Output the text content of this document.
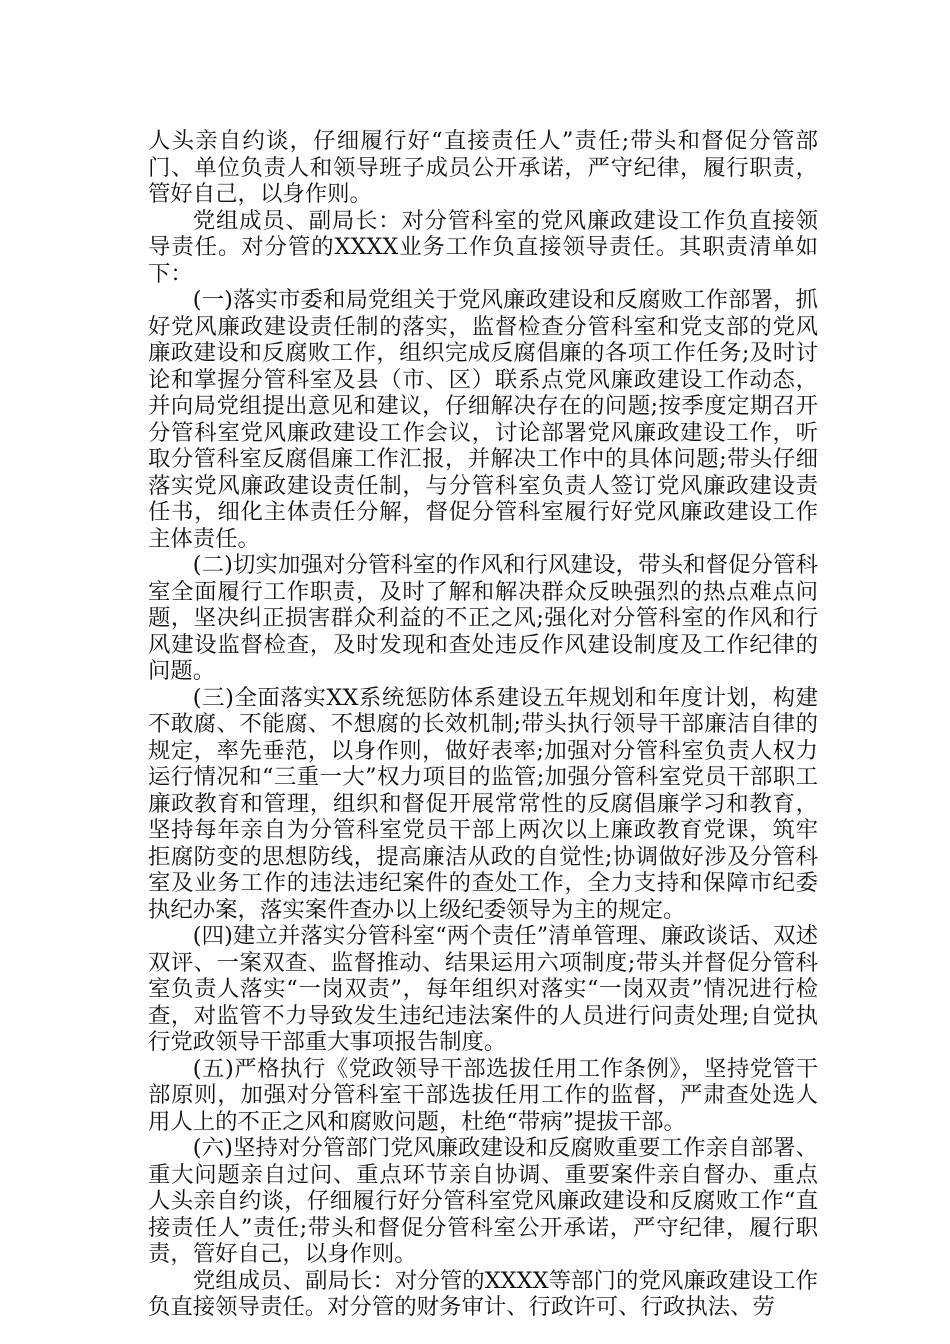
人头亲自约谈，仔细履行好“直接责任人”责任;带头和督促分管部门、单位负责人和领导班子成员公开承诺，严守纪律，履行职责，管好自己，以身作则。

党组成员、副局长：对分管科室的党风廉政建设工作负直接领导责任。对分管的XXXX业务工作负直接领导责任。其职责清单如下：

(一)落实市委和局党组关于党风廉政建设和反腐败工作部署，抓好党风廉政建设责任制的落实，监督检查分管科室和党支部的党风廉政建设和反腐败工作，组织完成反腐倡廉的各项工作任务;及时讨论和掌握分管科室及县（市、区）联系点党风廉政建设工作动态，并向局党组提出意见和建议，仔细解决存在的问题;按季度定期召开分管科室党风廉政建设工作会议，讨论部署党风廉政建设工作，听取分管科室反腐倡廉工作汇报，并解决工作中的具体问题;带头仔细落实党风廉政建设责任制，与分管科室负责人签订党风廉政建设责任书，细化主体责任分解，督促分管科室履行好党风廉政建设工作主体责任。

(二)切实加强对分管科室的作风和行风建设，带头和督促分管科室全面履行工作职责，及时了解和解决群众反映强烈的热点难点问题，坚决纠正损害群众利益的不正之风;强化对分管科室的作风和行风建设监督检查，及时发现和查处违反作风建设制度及工作纪律的问题。

(三)全面落实XX系统惩防体系建设五年规划和年度计划，构建不敢腐、不能腐、不想腐的长效机制;带头执行领导干部廉洁自律的规定，率先垂范，以身作则，做好表率;加强对分管科室负责人权力运行情况和“三重一大”权力项目的监管;加强分管科室党员干部职工廉政教育和管理，组织和督促开展常常性的反腐倡廉学习和教育，坚持每年亲自为分管科室党员干部上两次以上廉政教育党课，筑牢拒腐防变的思想防线，提高廉洁从政的自觉性;协调做好涉及分管科室及业务工作的违法违纪案件的查处工作，全力支持和保障市纪委执纪办案，落实案件查办以上级纪委领导为主的规定。

(四)建立并落实分管科室“两个责任”清单管理、廉政谈话、双述双评、一案双查、监督推动、结果运用六项制度;带头并督促分管科室负责人落实“一岗双责”，每年组织对落实“一岗双责”情况进行检查，对监管不力导致发生违纪违法案件的人员进行问责处理;自觉执行党政领导干部重大事项报告制度。

(五)严格执行《党政领导干部选拔任用工作条例》，坚持党管干部原则，加强对分管科室干部选拔任用工作的监督，严肃查处选人用人上的不正之风和腐败问题，杜绝“带病”提拔干部。

(六)坚持对分管部门党风廉政建设和反腐败重要工作亲自部署、重大问题亲自过问、重点环节亲自协调、重要案件亲自督办、重点人头亲自约谈，仔细履行好分管科室党风廉政建设和反腐败工作“直接责任人”责任;带头和督促分管科室公开承诺，严守纪律，履行职责，管好自己，以身作则。

党组成员、副局长：对分管的XXXX等部门的党风廉政建设工作负直接领导责任。对分管的财务审计、行政许可、行政执法、劳
